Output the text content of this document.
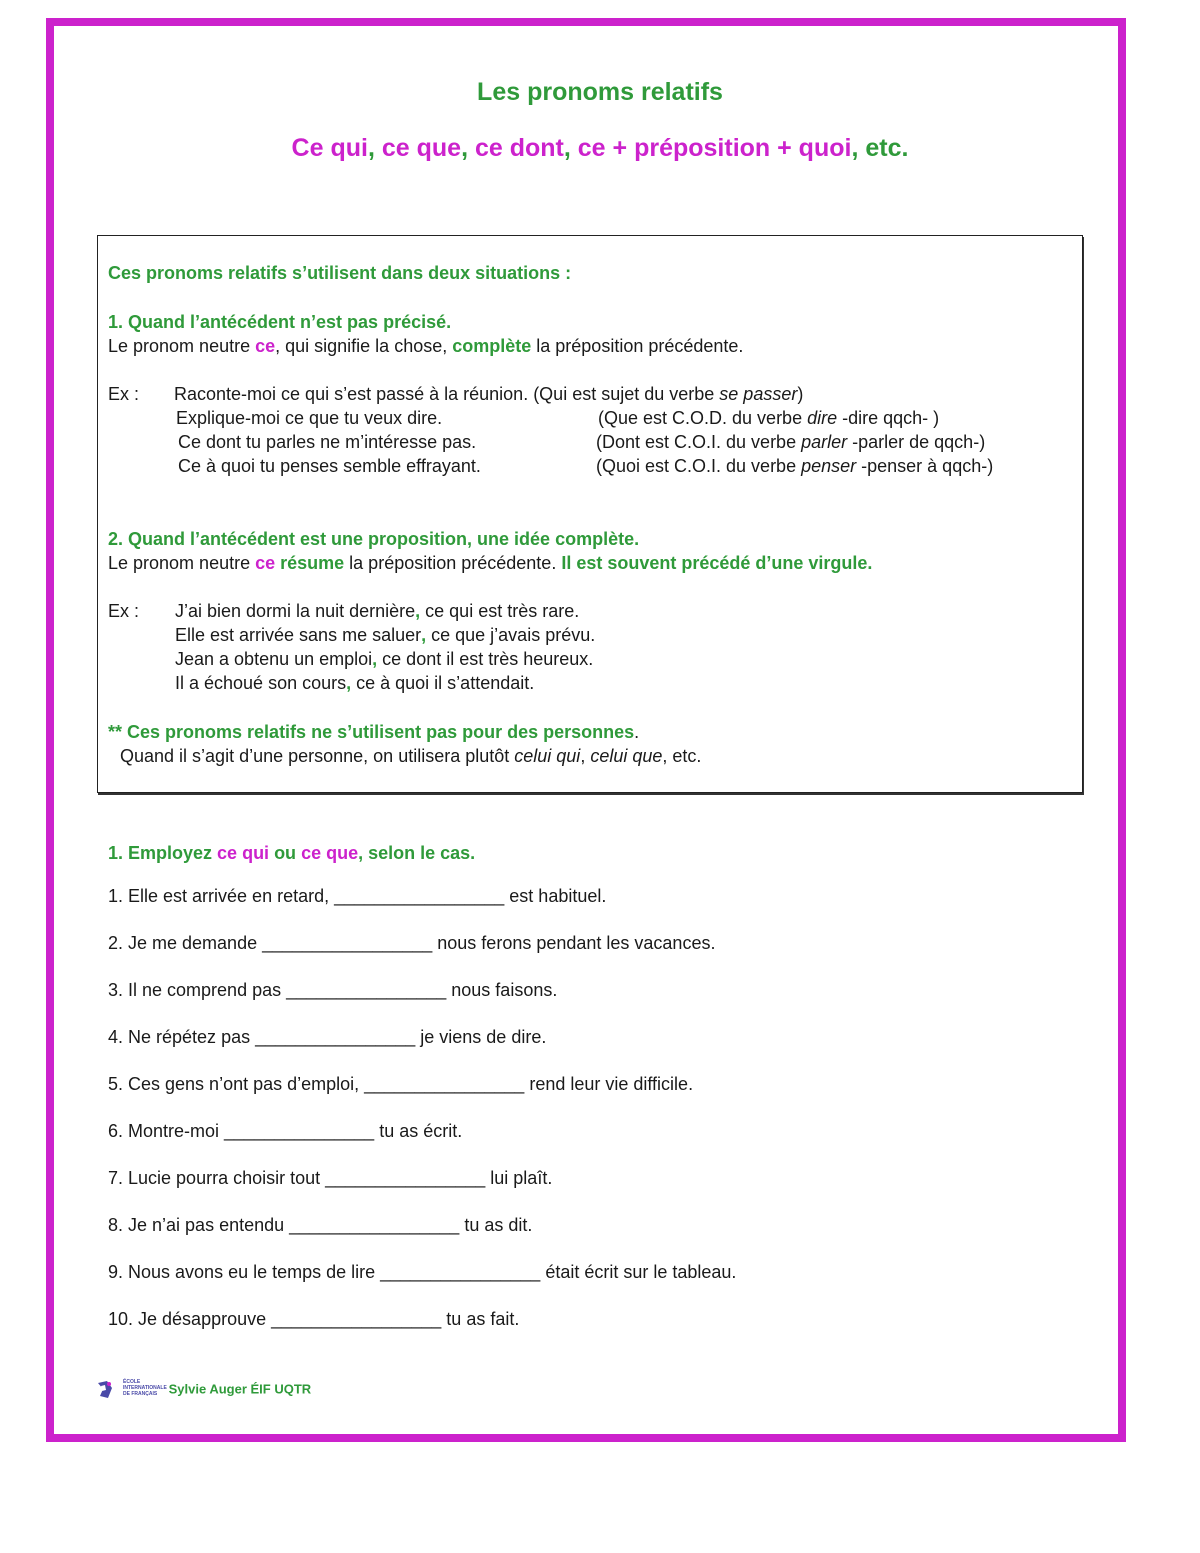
Les pronoms relatifs
Ce qui, ce que, ce dont, ce + préposition + quoi, etc.
Ces pronoms relatifs s’utilisent dans deux situations :
1. Quand l’antécédent n’est pas précisé.
Le pronom neutre ce, qui signifie la chose, complète la préposition précédente.
Ex : Raconte-moi ce qui s’est passé à la réunion. (Qui est sujet du verbe se passer)
Explique-moi ce que tu veux dire.	(Que est C.O.D. du verbe dire -dire qqch- )
Ce dont tu parles ne m’intéresse pas.	(Dont est C.O.I. du verbe parler -parler de qqch-)
Ce à quoi tu penses semble effrayant.	(Quoi est C.O.I. du verbe penser -penser à qqch-)
2. Quand l’antécédent est une proposition, une idée complète.
Le pronom neutre ce résume la préposition précédente. Il est souvent précédé d’une virgule.
Ex : J’ai bien dormi la nuit dernière, ce qui est très rare.
Elle est arrivée sans me saluer, ce que j’avais prévu.
Jean a obtenu un emploi, ce dont il est très heureux.
Il a échoué son cours, ce à quoi il s’attendait.
** Ces pronoms relatifs ne s’utilisent pas pour des personnes.
Quand il s’agit d’une personne, on utilisera plutôt celui qui, celui que, etc.
1. Employez ce qui ou ce que, selon le cas.
1. Elle est arrivée en retard, _________________ est habituel.
2. Je me demande _________________ nous ferons pendant les vacances.
3. Il ne comprend pas ________________ nous faisons.
4. Ne répétez pas ________________ je viens de dire.
5. Ces gens n’ont pas d’emploi, ________________ rend leur vie difficile.
6. Montre-moi _______________ tu as écrit.
7. Lucie pourra choisir tout ________________ lui plaît.
8. Je n’ai pas entendu _________________ tu as dit.
9. Nous avons eu le temps de lire ________________ était écrit sur le tableau.
10. Je désapprouve _________________ tu as fait.
ÉCOLE INTERNATIONALE DE FRANÇAIS Sylvie Auger ÉIF UQTR
